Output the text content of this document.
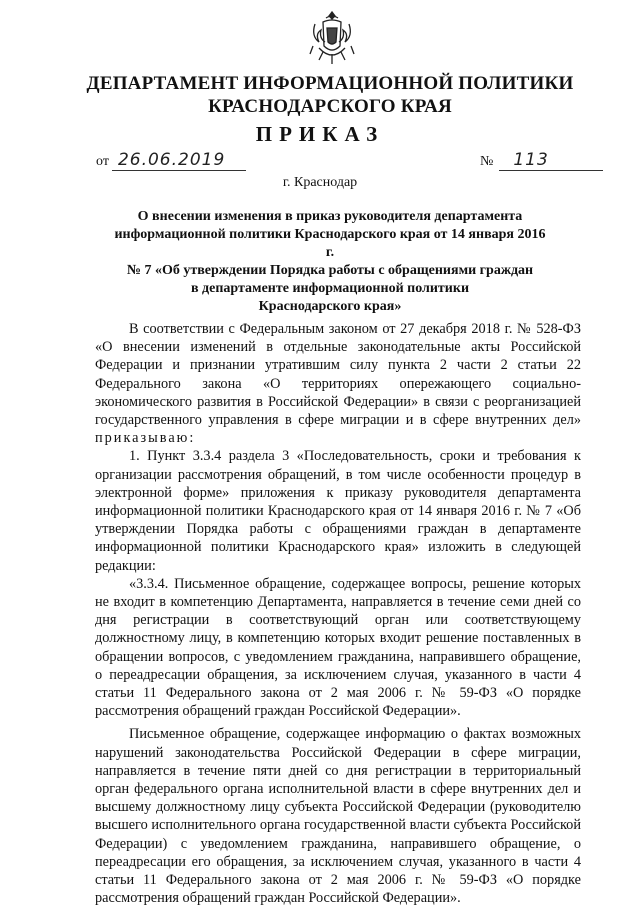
ДЕПАРТАМЕНТ ИНФОРМАЦИОННОЙ ПОЛИТИКИ
КРАСНОДАРСКОГО КРАЯ
ПРИКАЗ
от 26.06.2019	№ 113
г. Краснодар
О внесении изменения в приказ руководителя департамента
информационной политики Краснодарского края от 14 января 2016 г.
№ 7 «Об утверждении Порядка работы с обращениями граждан
в департаменте информационной политики
Краснодарского края»

В соответствии с Федеральным законом от 27 декабря 2018 г. № 528-ФЗ «О внесении изменений в отдельные законодательные акты Российской Федерации и признании утратившим силу пункта 2 части 2 статьи 22 Федерального закона «О территориях опережающего социально-экономического развития в Российской Федерации» в связи с реорганизацией государственного управления в сфере миграции и в сфере внутренних дел» приказываю:

1. Пункт 3.3.4 раздела 3 «Последовательность, сроки и требования к организации рассмотрения обращений, в том числе особенности процедур в электронной форме» приложения к приказу руководителя департамента информационной политики Краснодарского края от 14 января 2016 г. № 7 «Об утверждении Порядка работы с обращениями граждан в департаменте информационной политики Краснодарского края» изложить в следующей редакции:

«3.3.4. Письменное обращение, содержащее вопросы, решение которых не входит в компетенцию Департамента, направляется в течение семи дней со дня регистрации в соответствующий орган или соответствующему должностному лицу, в компетенцию которых входит решение поставленных в обращении вопросов, с уведомлением гражданина, направившего обращение, о переадресации обращения, за исключением случая, указанного в части 4 статьи 11 Федерального закона от 2 мая 2006 г. № 59-ФЗ «О порядке рассмотрения обращений граждан Российской Федерации».

Письменное обращение, содержащее информацию о фактах возможных нарушений законодательства Российской Федерации в сфере миграции, направляется в течение пяти дней со дня регистрации в территориальный орган федерального органа исполнительной власти в сфере внутренних дел и высшему должностному лицу субъекта Российской Федерации (руководителю высшего исполнительного органа государственной власти субъекта Российской Федерации) с уведомлением гражданина, направившего обращение, о переадресации его обращения, за исключением случая, указанного в части 4 статьи 11 Федерального закона от 2 мая 2006 г. № 59-ФЗ «О порядке рассмотрения обращений граждан Российской Федерации».
